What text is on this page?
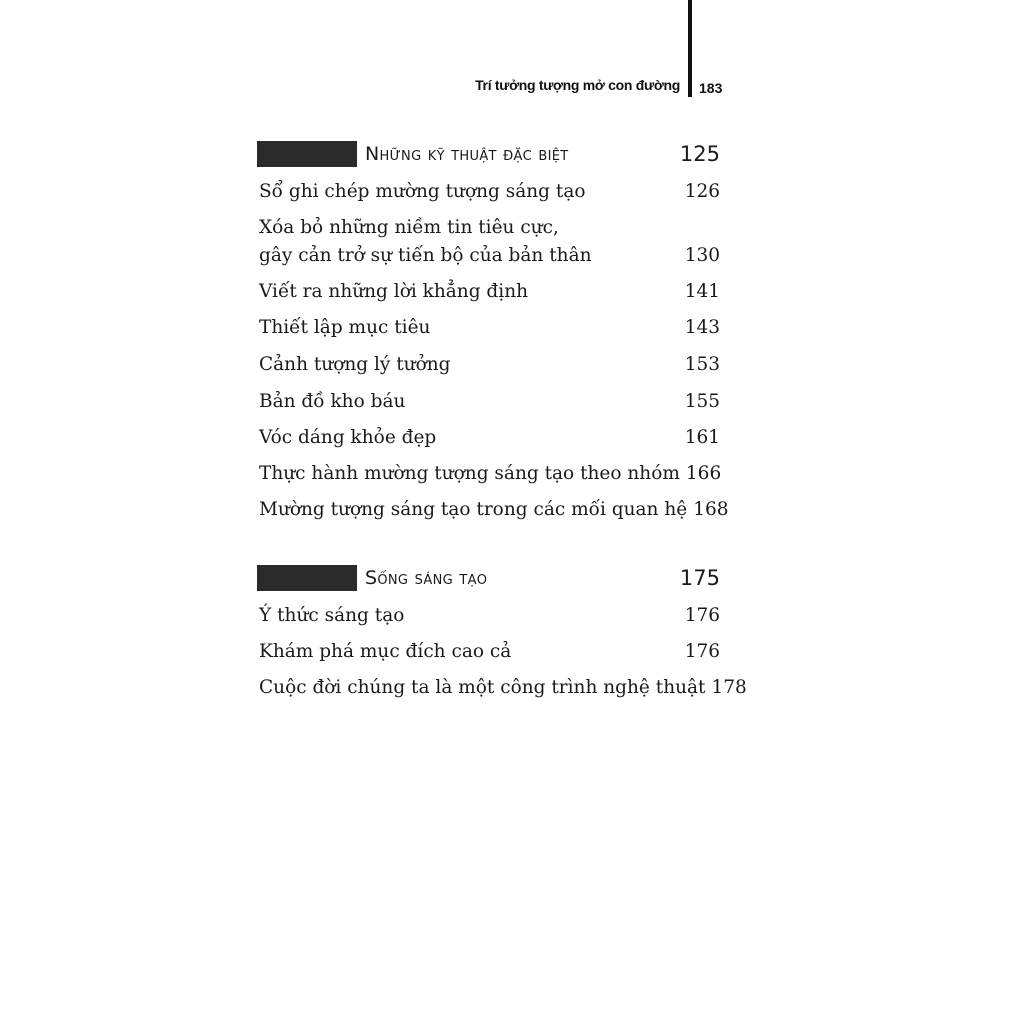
Trí tưởng tượng mở con đường 183
Những kỹ thuật đặc biệt	125
Sổ ghi chép mường tượng sáng tạo	126
Xóa bỏ những niềm tin tiêu cực,
gây cản trở sự tiến bộ của bản thân	130
Viết ra những lời khẳng định	141
Thiết lập mục tiêu	143
Cảnh tượng lý tưởng	153
Bản đồ kho báu	155
Vóc dáng khỏe đẹp	161
Thực hành mường tượng sáng tạo theo nhóm 166
Mường tượng sáng tạo trong các mối quan hệ 168
Sống sáng tạo	175
Ý thức sáng tạo	176
Khám phá mục đích cao cả	176
Cuộc đời chúng ta là một công trình nghệ thuật 178
